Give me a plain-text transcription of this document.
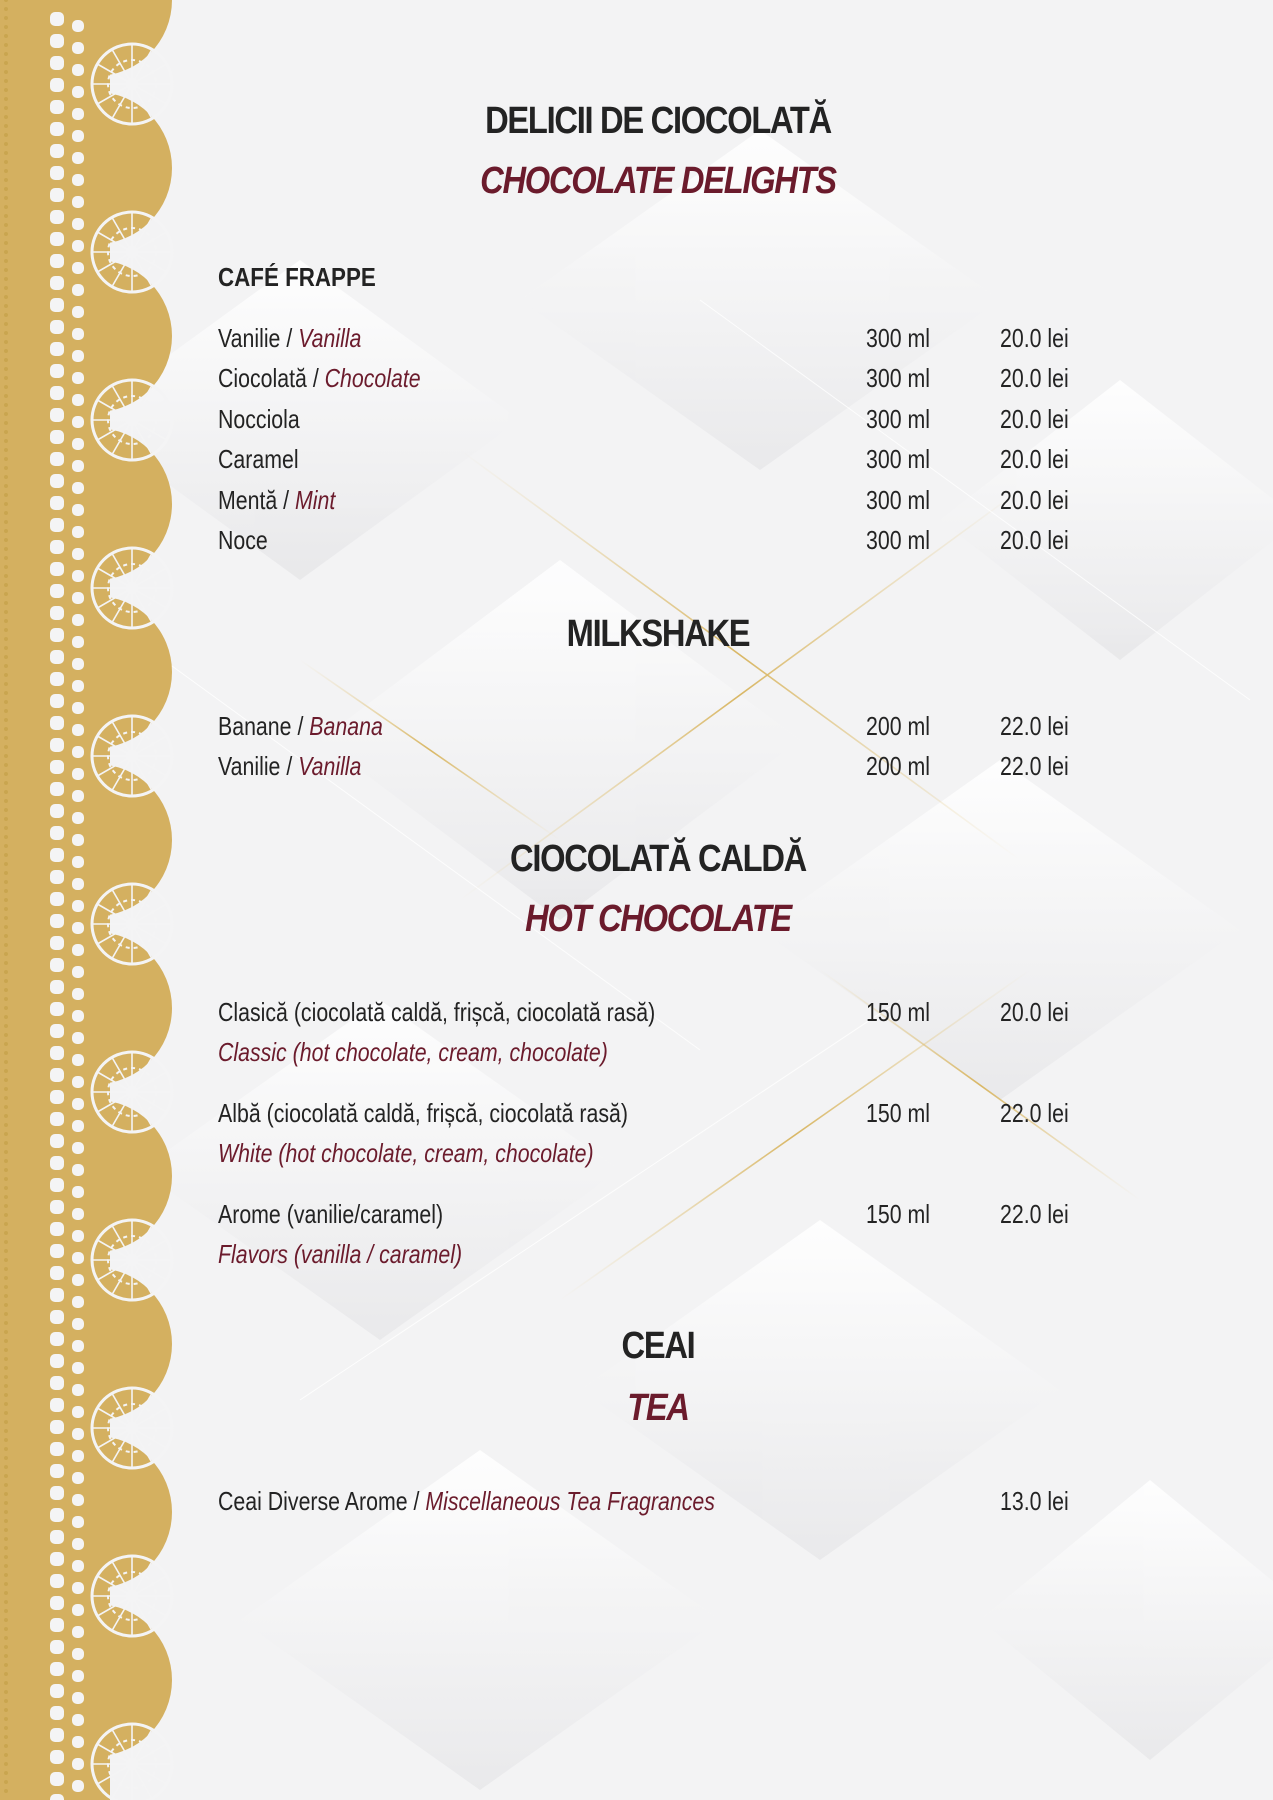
DELICII DE CIOCOLATĂ
CHOCOLATE DELIGHTS
CAFÉ FRAPPE
Vanilie / Vanilla	300 ml	20.0 lei
Ciocolată / Chocolate	300 ml	20.0 lei
Nocciola	300 ml	20.0 lei
Caramel	300 ml	20.0 lei
Mentă / Mint	300 ml	20.0 lei
Noce	300 ml	20.0 lei
MILKSHAKE
Banane / Banana	200 ml	22.0 lei
Vanilie / Vanilla	200 ml	22.0 lei
CIOCOLATĂ CALDĂ
HOT CHOCOLATE
Clasică (ciocolată caldă, frișcă, ciocolată rasă)	150 ml	20.0 lei
Classic (hot chocolate, cream, chocolate)
Albă (ciocolată caldă, frișcă, ciocolată rasă)	150 ml	22.0 lei
White (hot chocolate, cream, chocolate)
Arome (vanilie/caramel)	150 ml	22.0 lei
Flavors (vanilla / caramel)
CEAI
TEA
Ceai Diverse Arome / Miscellaneous Tea Fragrances	13.0 lei
